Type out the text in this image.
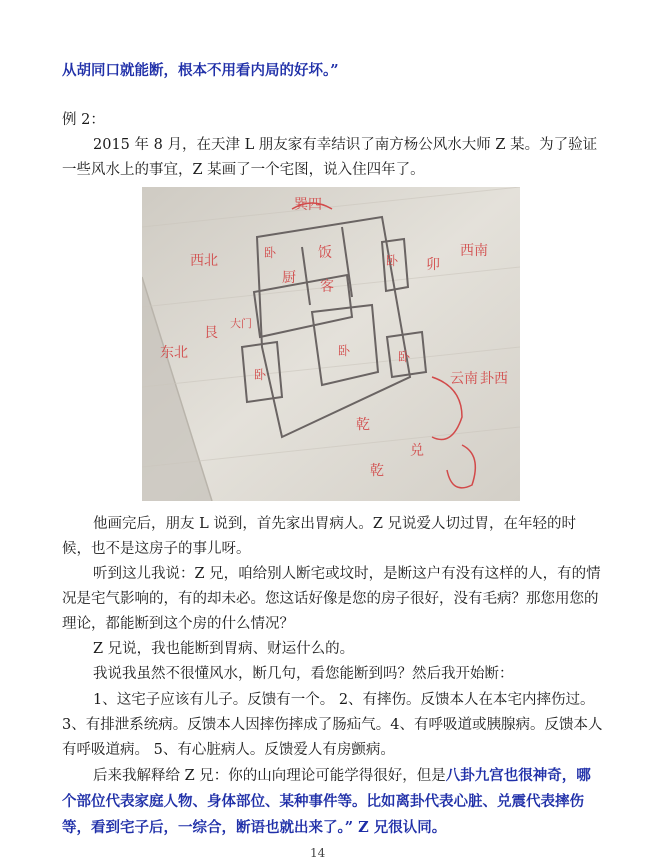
从胡同口就能断，根本不用看内局的好坏。”

例 2：

2015 年 8 月，在天津 L 朋友家有幸结识了南方杨公风水大师 Z 某。为了验证一些风水上的事宜，Z 某画了一个宅图，说入住四年了。

巽四
西北	卧
厨
饭
客
卧 卯
西南
艮
东北
大门
卧
卧	卧
乾
兑
乾
云南 卦西

他画完后，朋友 L 说到，首先家出胃病人。Z 兄说爱人切过胃，在年轻的时候，也不是这房子的事儿呀。

听到这儿我说：Z 兄，咱给别人断宅或坟时，是断这户有没有这样的人，有的情况是宅气影响的，有的却未必。您这话好像是您的房子很好，没有毛病？那您用您的理论，都能断到这个房的什么情况？

Z 兄说，我也能断到胃病、财运什么的。

我说我虽然不很懂风水，断几句，看您能断到吗？然后我开始断：

1、这宅子应该有儿子。反馈有一个。 2、有摔伤。反馈本人在本宅内摔伤过。3、有排泄系统病。反馈本人因摔伤摔成了肠疝气。4、有呼吸道或胰腺病。反馈本人有呼吸道病。 5、有心脏病人。反馈爱人有房颤病。

后来我解释给 Z 兄：你的山向理论可能学得很好，但是八卦九宫也很神奇，哪个部位代表家庭人物、身体部位、某种事件等。比如离卦代表心脏、兑震代表摔伤等，看到宅子后，一综合，断语也就出来了。” Z 兄很认同。

14
